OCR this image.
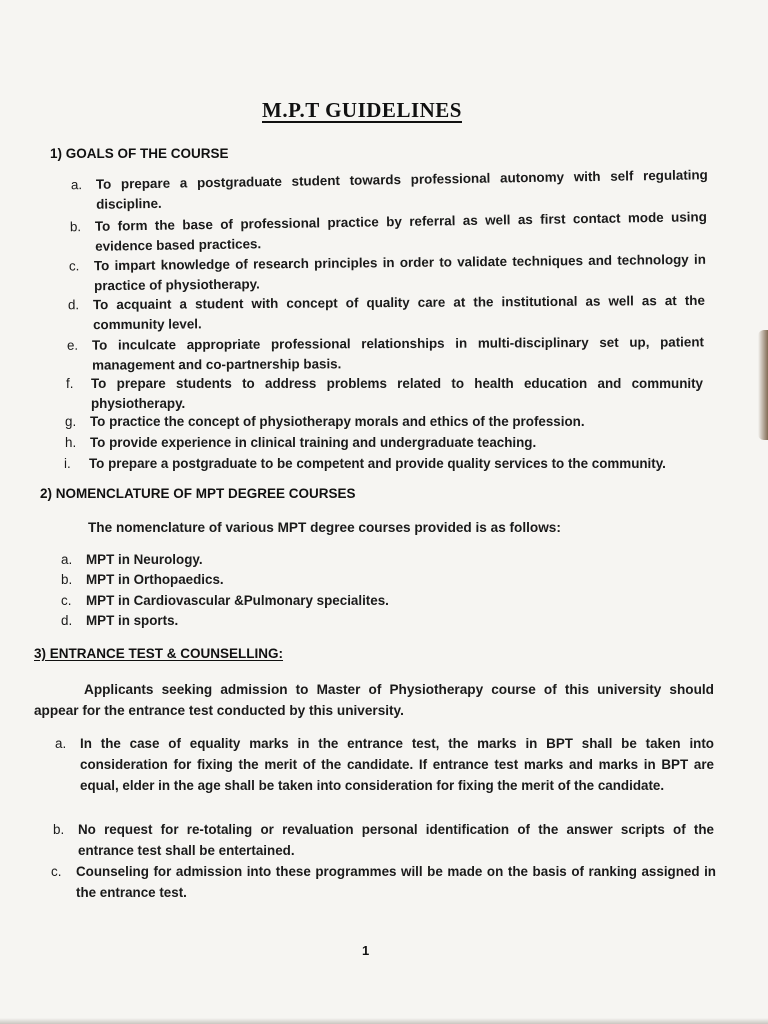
M.P.T GUIDELINES
1) GOALS OF THE COURSE
a. To prepare a postgraduate student towards professional autonomy with self regulating discipline.
b. To form the base of professional practice by referral as well as first contact mode using evidence based practices.
c. To impart knowledge of research principles in order to validate techniques and technology in practice of physiotherapy.
d. To acquaint a student with concept of quality care at the institutional as well as at the community level.
e. To inculcate appropriate professional relationships in multi-disciplinary set up, patient management and co-partnership basis.
f. To prepare students to address problems related to health education and community physiotherapy.
g. To practice the concept of physiotherapy morals and ethics of the profession.
h. To provide experience in clinical training and undergraduate teaching.
i. To prepare a postgraduate to be competent and provide quality services to the community.
2) NOMENCLATURE OF MPT DEGREE COURSES
The nomenclature of various MPT degree courses provided is as follows:
a. MPT in Neurology.
b. MPT in Orthopaedics.
c. MPT in Cardiovascular &Pulmonary specialites.
d. MPT in sports.
3) ENTRANCE TEST & COUNSELLING:
Applicants seeking admission to Master of Physiotherapy course of this university should appear for the entrance test conducted by this university.
a. In the case of equality marks in the entrance test, the marks in BPT shall be taken into consideration for fixing the merit of the candidate. If entrance test marks and marks in BPT are equal, elder in the age shall be taken into consideration for fixing the merit of the candidate.
b. No request for re-totaling or revaluation personal identification of the answer scripts of the entrance test shall be entertained.
c. Counseling for admission into these programmes will be made on the basis of ranking assigned in the entrance test.
1
